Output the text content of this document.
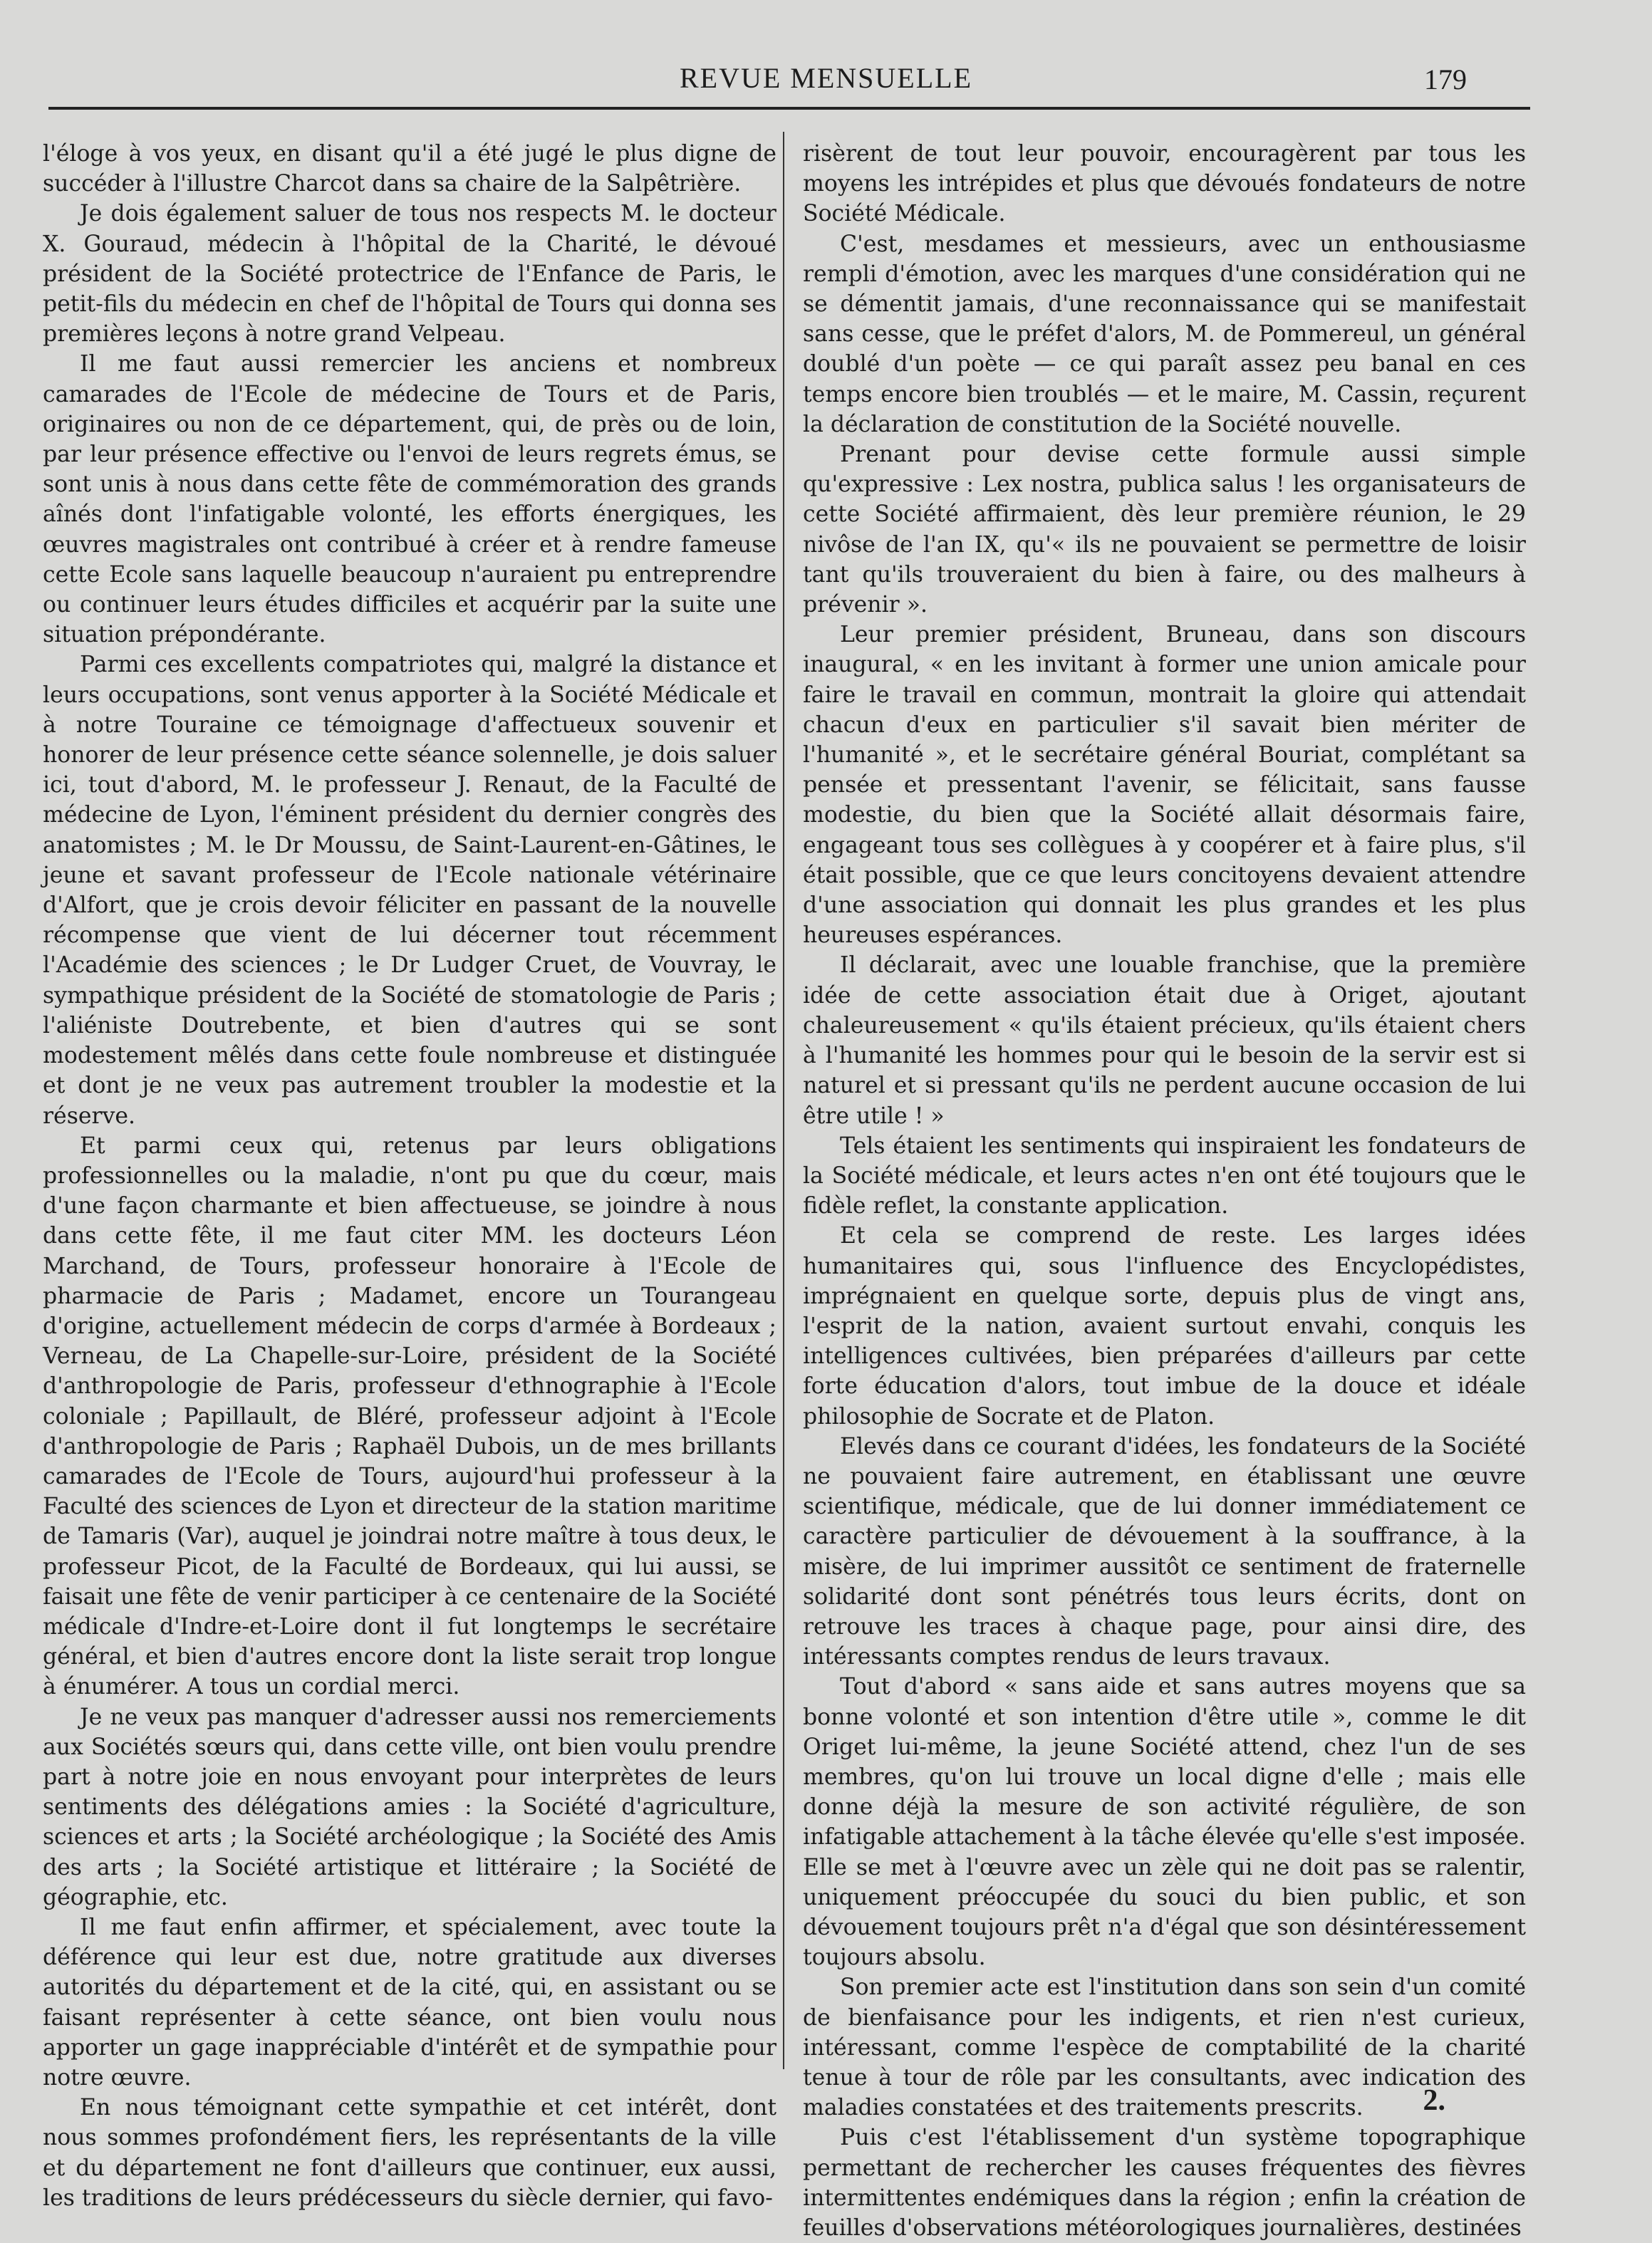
REVUE MENSUELLE	179

l'éloge à vos yeux, en disant qu'il a été jugé le plus digne de succéder à l'illustre Charcot dans sa chaire de la Salpêtrière.

Je dois également saluer de tous nos respects M. le docteur X. Gouraud, médecin à l'hôpital de la Charité, le dévoué président de la Société protectrice de l'Enfance de Paris, le petit-fils du médecin en chef de l'hôpital de Tours qui donna ses premières leçons à notre grand Velpeau.

Il me faut aussi remercier les anciens et nombreux camarades de l'Ecole de médecine de Tours et de Paris, originaires ou non de ce département, qui, de près ou de loin, par leur présence effective ou l'envoi de leurs regrets émus, se sont unis à nous dans cette fête de commémoration des grands aînés dont l'infatigable volonté, les efforts énergiques, les œuvres magistrales ont contribué à créer et à rendre fameuse cette Ecole sans laquelle beaucoup n'auraient pu entreprendre ou continuer leurs études difficiles et acquérir par la suite une situation prépondérante.

Parmi ces excellents compatriotes qui, malgré la distance et leurs occupations, sont venus apporter à la Société Médicale et à notre Touraine ce témoignage d'affectueux souvenir et honorer de leur présence cette séance solennelle, je dois saluer ici, tout d'abord, M. le professeur J. Renaut, de la Faculté de médecine de Lyon, l'éminent président du dernier congrès des anatomistes ; M. le Dr Moussu, de Saint-Laurent-en-Gâtines, le jeune et savant professeur de l'Ecole nationale vétérinaire d'Alfort, que je crois devoir féliciter en passant de la nouvelle récompense que vient de lui décerner tout récemment l'Académie des sciences ; le Dr Ludger Cruet, de Vouvray, le sympathique président de la Société de stomatologie de Paris ; l'aliéniste Doutrebente, et bien d'autres qui se sont modestement mêlés dans cette foule nombreuse et distinguée et dont je ne veux pas autrement troubler la modestie et la réserve.

Et parmi ceux qui, retenus par leurs obligations professionnelles ou la maladie, n'ont pu que du cœur, mais d'une façon charmante et bien affectueuse, se joindre à nous dans cette fête, il me faut citer MM. les docteurs Léon Marchand, de Tours, professeur honoraire à l'Ecole de pharmacie de Paris ; Madamet, encore un Tourangeau d'origine, actuellement médecin de corps d'armée à Bordeaux ; Verneau, de La Chapelle-sur-Loire, président de la Société d'anthropologie de Paris, professeur d'ethnographie à l'Ecole coloniale ; Papillault, de Bléré, professeur adjoint à l'Ecole d'anthropologie de Paris ; Raphaël Dubois, un de mes brillants camarades de l'Ecole de Tours, aujourd'hui professeur à la Faculté des sciences de Lyon et directeur de la station maritime de Tamaris (Var), auquel je joindrai notre maître à tous deux, le professeur Picot, de la Faculté de Bordeaux, qui lui aussi, se faisait une fête de venir participer à ce centenaire de la Société médicale d'Indre-et-Loire dont il fut longtemps le secrétaire général, et bien d'autres encore dont la liste serait trop longue à énumérer. A tous un cordial merci.

Je ne veux pas manquer d'adresser aussi nos remerciements aux Sociétés sœurs qui, dans cette ville, ont bien voulu prendre part à notre joie en nous envoyant pour interprètes de leurs sentiments des délégations amies : la Société d'agriculture, sciences et arts ; la Société archéologique ; la Société des Amis des arts ; la Société artistique et littéraire ; la Société de géographie, etc.

Il me faut enfin affirmer, et spécialement, avec toute la déférence qui leur est due, notre gratitude aux diverses autorités du département et de la cité, qui, en assistant ou se faisant représenter à cette séance, ont bien voulu nous apporter un gage inappréciable d'intérêt et de sympathie pour notre œuvre.

En nous témoignant cette sympathie et cet intérêt, dont nous sommes profondément fiers, les représentants de la ville et du département ne font d'ailleurs que continuer, eux aussi, les traditions de leurs prédécesseurs du siècle dernier, qui favo-

risèrent de tout leur pouvoir, encouragèrent par tous les moyens les intrépides et plus que dévoués fondateurs de notre Société Médicale.

C'est, mesdames et messieurs, avec un enthousiasme rempli d'émotion, avec les marques d'une considération qui ne se démentit jamais, d'une reconnaissance qui se manifestait sans cesse, que le préfet d'alors, M. de Pommereul, un général doublé d'un poète — ce qui paraît assez peu banal en ces temps encore bien troublés — et le maire, M. Cassin, reçurent la déclaration de constitution de la Société nouvelle.

Prenant pour devise cette formule aussi simple qu'expressive : Lex nostra, publica salus ! les organisateurs de cette Société affirmaient, dès leur première réunion, le 29 nivôse de l'an IX, qu'« ils ne pouvaient se permettre de loisir tant qu'ils trouveraient du bien à faire, ou des malheurs à prévenir ».

Leur premier président, Bruneau, dans son discours inaugural, « en les invitant à former une union amicale pour faire le travail en commun, montrait la gloire qui attendait chacun d'eux en particulier s'il savait bien mériter de l'humanité », et le secrétaire général Bouriat, complétant sa pensée et pressentant l'avenir, se félicitait, sans fausse modestie, du bien que la Société allait désormais faire, engageant tous ses collègues à y coopérer et à faire plus, s'il était possible, que ce que leurs concitoyens devaient attendre d'une association qui donnait les plus grandes et les plus heureuses espérances.

Il déclarait, avec une louable franchise, que la première idée de cette association était due à Origet, ajoutant chaleureusement « qu'ils étaient précieux, qu'ils étaient chers à l'humanité les hommes pour qui le besoin de la servir est si naturel et si pressant qu'ils ne perdent aucune occasion de lui être utile ! »

Tels étaient les sentiments qui inspiraient les fondateurs de la Société médicale, et leurs actes n'en ont été toujours que le fidèle reflet, la constante application.

Et cela se comprend de reste. Les larges idées humanitaires qui, sous l'influence des Encyclopédistes, imprégnaient en quelque sorte, depuis plus de vingt ans, l'esprit de la nation, avaient surtout envahi, conquis les intelligences cultivées, bien préparées d'ailleurs par cette forte éducation d'alors, tout imbue de la douce et idéale philosophie de Socrate et de Platon.

Elevés dans ce courant d'idées, les fondateurs de la Société ne pouvaient faire autrement, en établissant une œuvre scientifique, médicale, que de lui donner immédiatement ce caractère particulier de dévouement à la souffrance, à la misère, de lui imprimer aussitôt ce sentiment de fraternelle solidarité dont sont pénétrés tous leurs écrits, dont on retrouve les traces à chaque page, pour ainsi dire, des intéressants comptes rendus de leurs travaux.

Tout d'abord « sans aide et sans autres moyens que sa bonne volonté et son intention d'être utile », comme le dit Origet lui-même, la jeune Société attend, chez l'un de ses membres, qu'on lui trouve un local digne d'elle ; mais elle donne déjà la mesure de son activité régulière, de son infatigable attachement à la tâche élevée qu'elle s'est imposée. Elle se met à l'œuvre avec un zèle qui ne doit pas se ralentir, uniquement préoccupée du souci du bien public, et son dévouement toujours prêt n'a d'égal que son désintéressement toujours absolu.

Son premier acte est l'institution dans son sein d'un comité de bienfaisance pour les indigents, et rien n'est curieux, intéressant, comme l'espèce de comptabilité de la charité tenue à tour de rôle par les consultants, avec indication des maladies constatées et des traitements prescrits.

Puis c'est l'établissement d'un système topographique permettant de rechercher les causes fréquentes des fièvres intermittentes endémiques dans la région ; enfin la création de feuilles d'observations météorologiques journalières, destinées

2.
